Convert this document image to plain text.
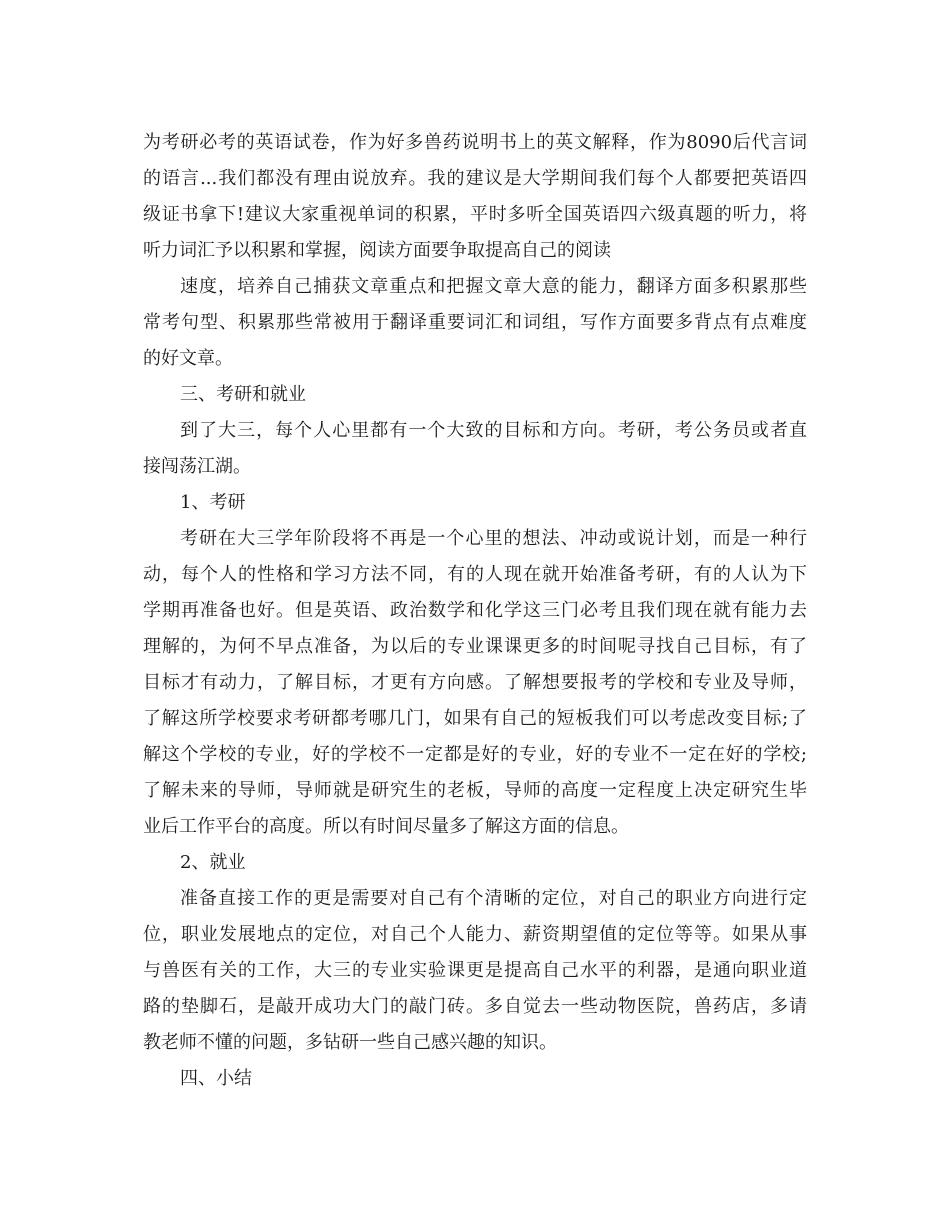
为考研必考的英语试卷，作为好多兽药说明书上的英文解释，作为8090后代言词
的语言...我们都没有理由说放弃。我的建议是大学期间我们每个人都要把英语四
级证书拿下!建议大家重视单词的积累，平时多听全国英语四六级真题的听力，将
听力词汇予以积累和掌握，阅读方面要争取提高自己的阅读
速度，培养自己捕获文章重点和把握文章大意的能力，翻译方面多积累那些
常考句型、积累那些常被用于翻译重要词汇和词组，写作方面要多背点有点难度
的好文章。
三、考研和就业
到了大三，每个人心里都有一个大致的目标和方向。考研，考公务员或者直
接闯荡江湖。
1、考研
考研在大三学年阶段将不再是一个心里的想法、冲动或说计划，而是一种行
动，每个人的性格和学习方法不同，有的人现在就开始准备考研，有的人认为下
学期再准备也好。但是英语、政治数学和化学这三门必考且我们现在就有能力去
理解的，为何不早点准备，为以后的专业课课更多的时间呢寻找自己目标，有了
目标才有动力，了解目标，才更有方向感。了解想要报考的学校和专业及导师，
了解这所学校要求考研都考哪几门，如果有自己的短板我们可以考虑改变目标;了
解这个学校的专业，好的学校不一定都是好的专业，好的专业不一定在好的学校;
了解未来的导师，导师就是研究生的老板，导师的高度一定程度上决定研究生毕
业后工作平台的高度。所以有时间尽量多了解这方面的信息。
2、就业
准备直接工作的更是需要对自己有个清晰的定位，对自己的职业方向进行定
位，职业发展地点的定位，对自己个人能力、薪资期望值的定位等等。如果从事
与兽医有关的工作，大三的专业实验课更是提高自己水平的利器，是通向职业道
路的垫脚石，是敲开成功大门的敲门砖。多自觉去一些动物医院，兽药店，多请
教老师不懂的问题，多钻研一些自己感兴趣的知识。
四、小结
